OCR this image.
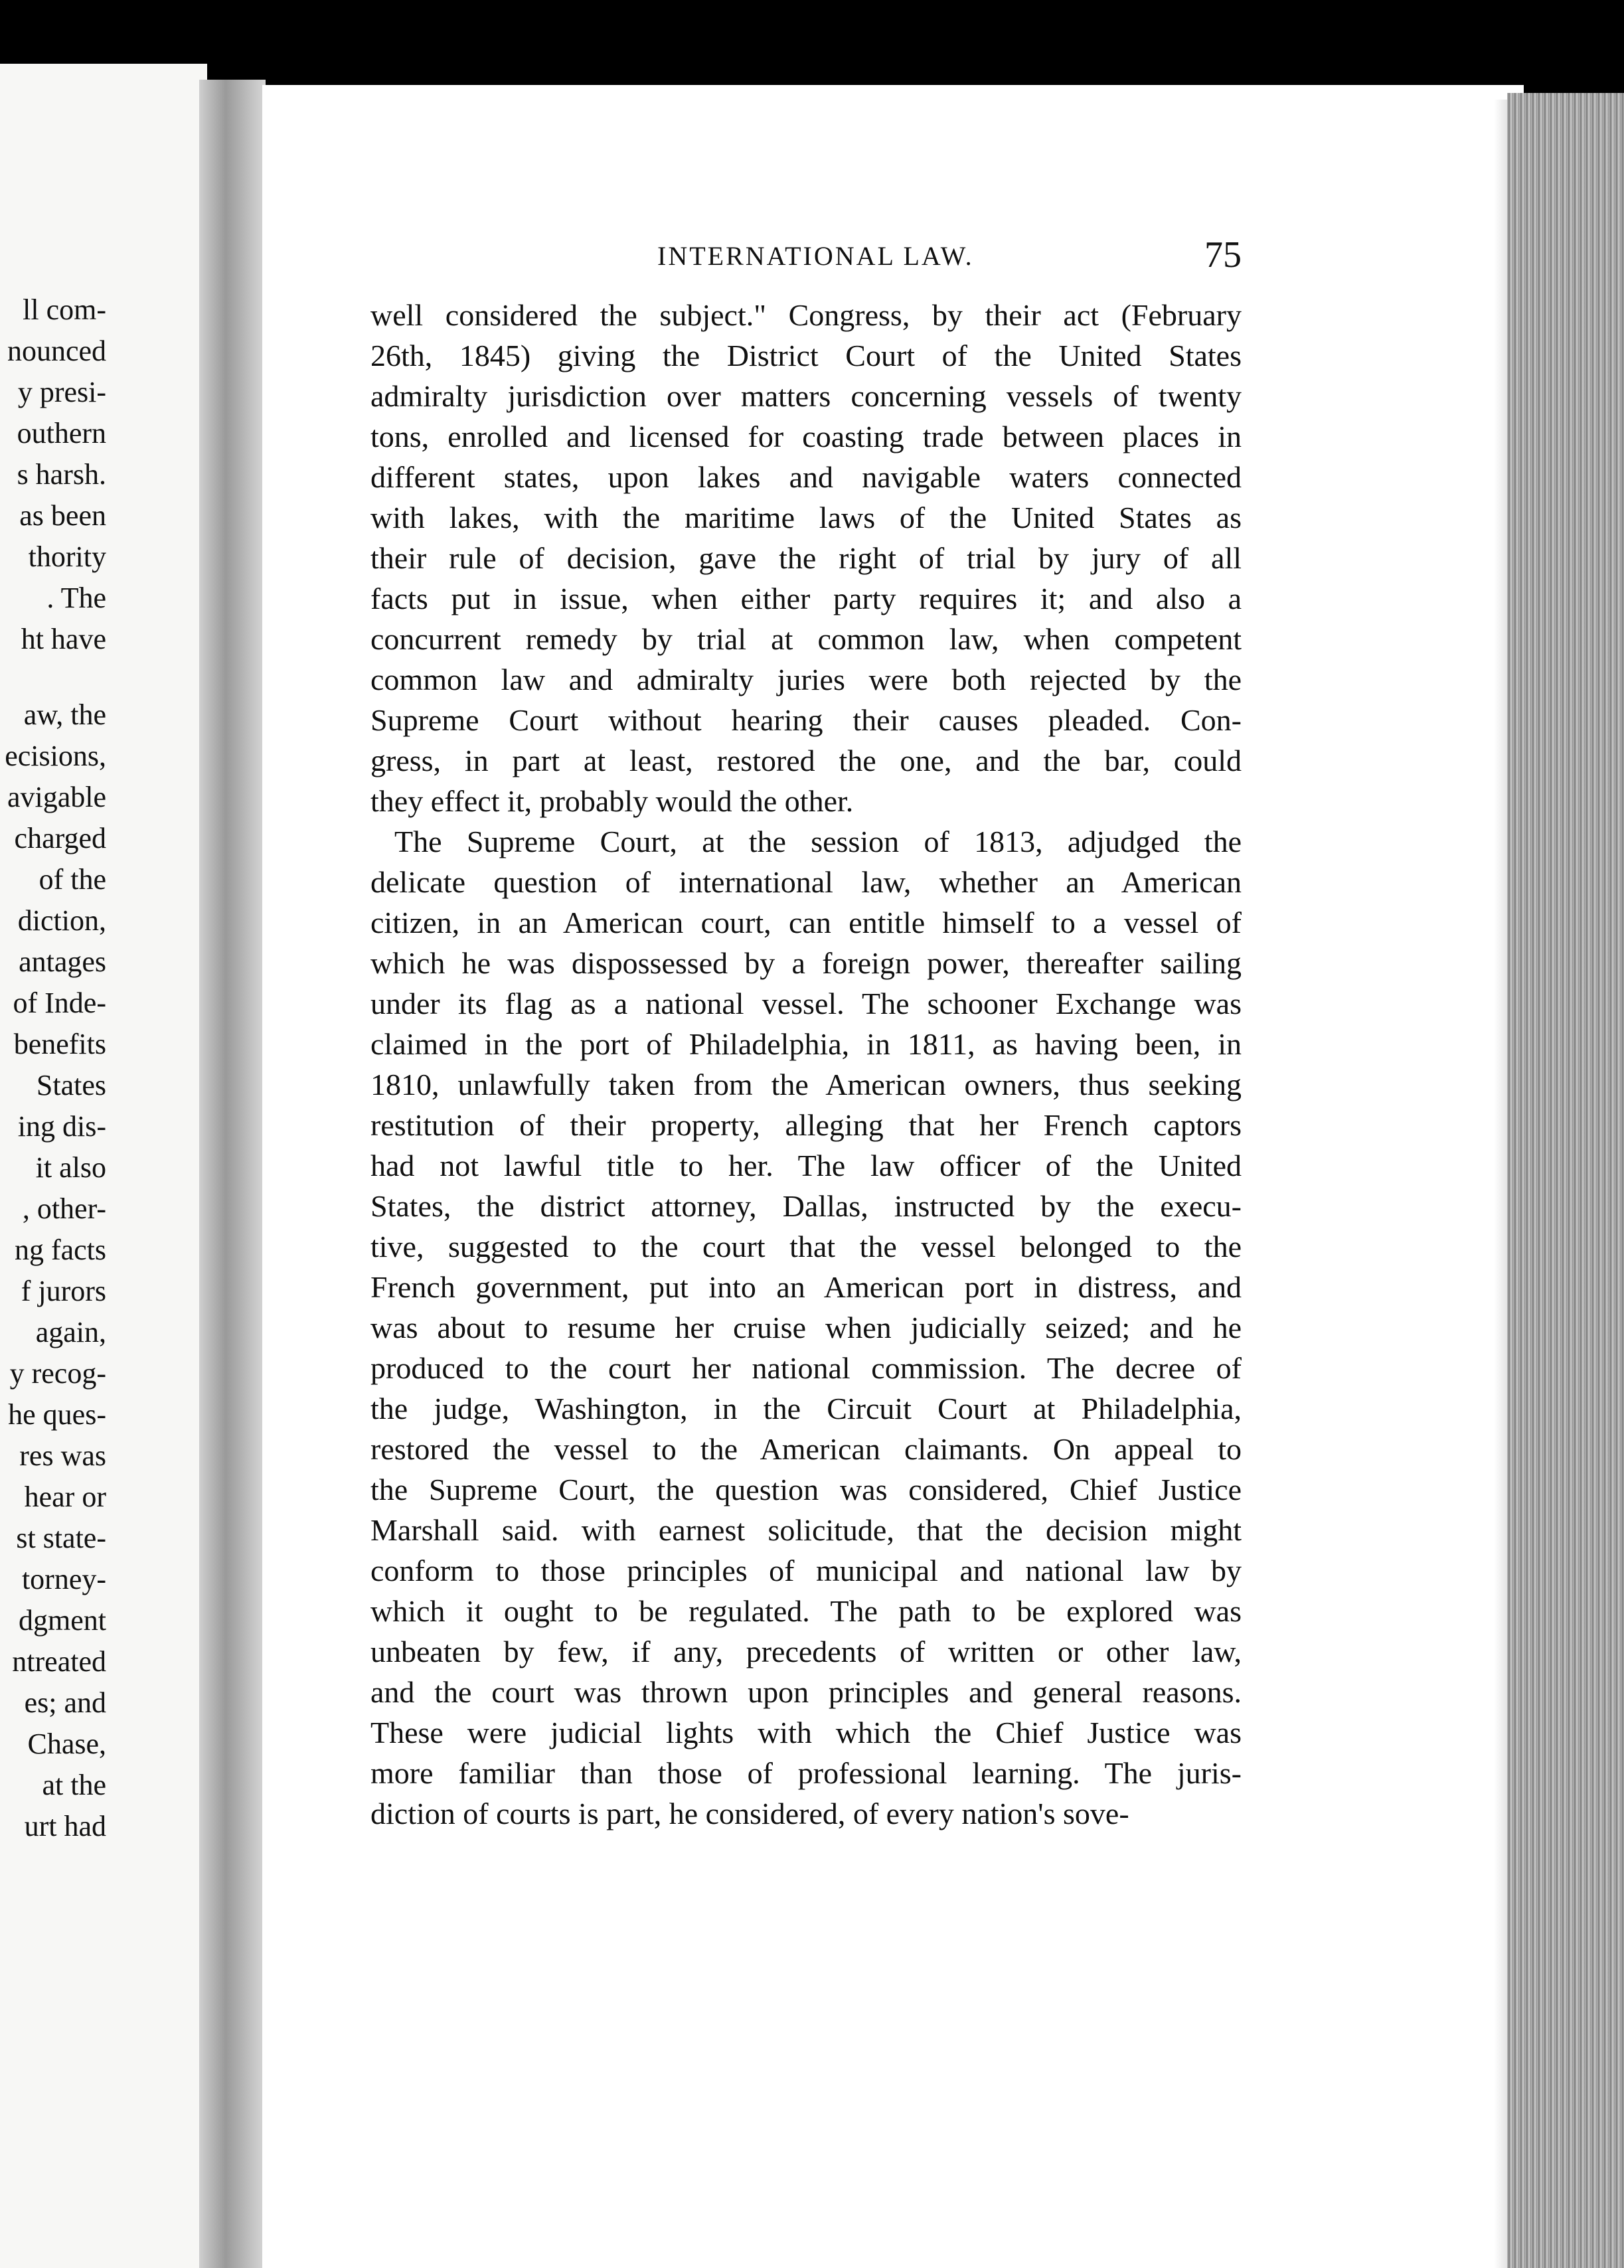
ll com-
nounced
y presi-
outhern
s harsh.
as been
thority
. The
ht have
aw, the
ecisions,
avigable
charged
of the
diction,
antages
of Inde-
benefits
States
ing dis-
it also
, other-
ng facts
f jurors
again,
y recog-
he ques-
res was
hear or
st state-
torney-
dgment
ntreated
es; and
Chase,
at the
urt had
INTERNATIONAL LAW.	75
well considered the subject." Congress, by their act (February
26th, 1845) giving the District Court of the United States
admiralty jurisdiction over matters concerning vessels of twenty
tons, enrolled and licensed for coasting trade between places in
different states, upon lakes and navigable waters connected
with lakes, with the maritime laws of the United States as
their rule of decision, gave the right of trial by jury of all
facts put in issue, when either party requires it; and also a
concurrent remedy by trial at common law, when competent
common law and admiralty juries were both rejected by the
Supreme Court without hearing their causes pleaded. Con-
gress, in part at least, restored the one, and the bar, could
they effect it, probably would the other.
The Supreme Court, at the session of 1813, adjudged the
delicate question of international law, whether an American
citizen, in an American court, can entitle himself to a vessel of
which he was dispossessed by a foreign power, thereafter sailing
under its flag as a national vessel. The schooner Exchange was
claimed in the port of Philadelphia, in 1811, as having been, in
1810, unlawfully taken from the American owners, thus seeking
restitution of their property, alleging that her French captors
had not lawful title to her. The law officer of the United
States, the district attorney, Dallas, instructed by the execu-
tive, suggested to the court that the vessel belonged to the
French government, put into an American port in distress, and
was about to resume her cruise when judicially seized; and he
produced to the court her national commission. The decree of
the judge, Washington, in the Circuit Court at Philadelphia,
restored the vessel to the American claimants. On appeal to
the Supreme Court, the question was considered, Chief Justice
Marshall said. with earnest solicitude, that the decision might
conform to those principles of municipal and national law by
which it ought to be regulated. The path to be explored was
unbeaten by few, if any, precedents of written or other law,
and the court was thrown upon principles and general reasons.
These were judicial lights with which the Chief Justice was
more familiar than those of professional learning. The juris-
diction of courts is part, he considered, of every nation's sove-
